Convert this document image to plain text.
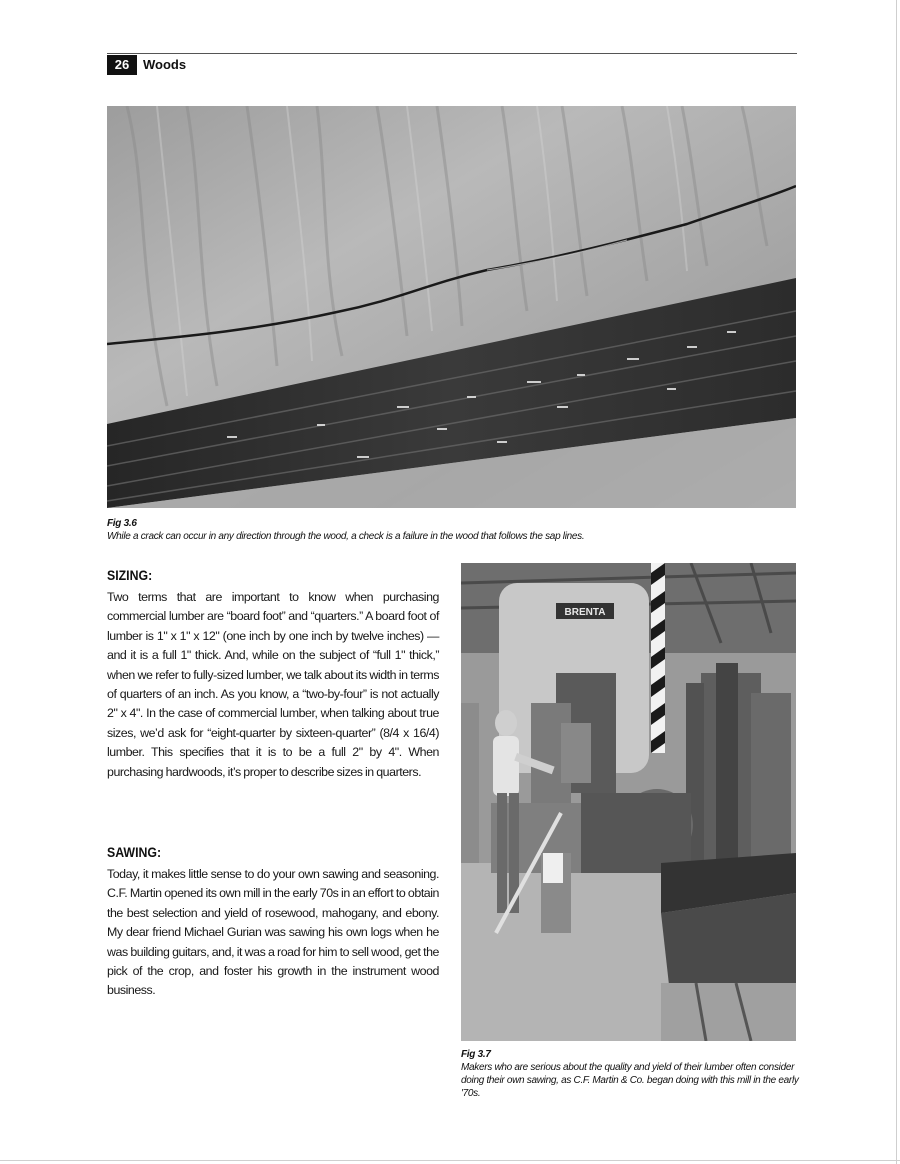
26	Woods
Fig 3.6
While a crack can occur in any direction through the wood, a check is a failure in the wood that follows the sap lines.
SIZING:
Two terms that are important to know when purchasing commercial lumber are “board foot” and “quarters.” A board foot of lumber is 1" x 1" x 12" (one inch by one inch by twelve inches) — and it is a full 1" thick. And, while on the subject of “full 1" thick,” when we refer to fully-sized lumber, we talk about its width in terms of quarters of an inch. As you know, a “two-by-four” is not actually 2" x 4". In the case of commercial lumber, when talking about true sizes, we’d ask for “eight-quarter by sixteen-quarter” (8/4 x 16/4) lumber. This specifies that it is to be a full 2" by 4". When purchasing hardwoods, it’s proper to describe sizes in quarters.
SAWING:
Today, it makes little sense to do your own sawing and seasoning. C.F. Martin opened its own mill in the early 70s in an effort to obtain the best selection and yield of rosewood, mahogany, and ebony. My dear friend Michael Gurian was sawing his own logs when he was building guitars, and, it was a road for him to sell wood, get the pick of the crop, and foster his growth in the instrument wood business.
BRENTA
Fig 3.7
Makers who are serious about the quality and yield of their lumber often consider doing their own sawing, as C.F. Martin & Co. began doing with this mill in the early '70s.
